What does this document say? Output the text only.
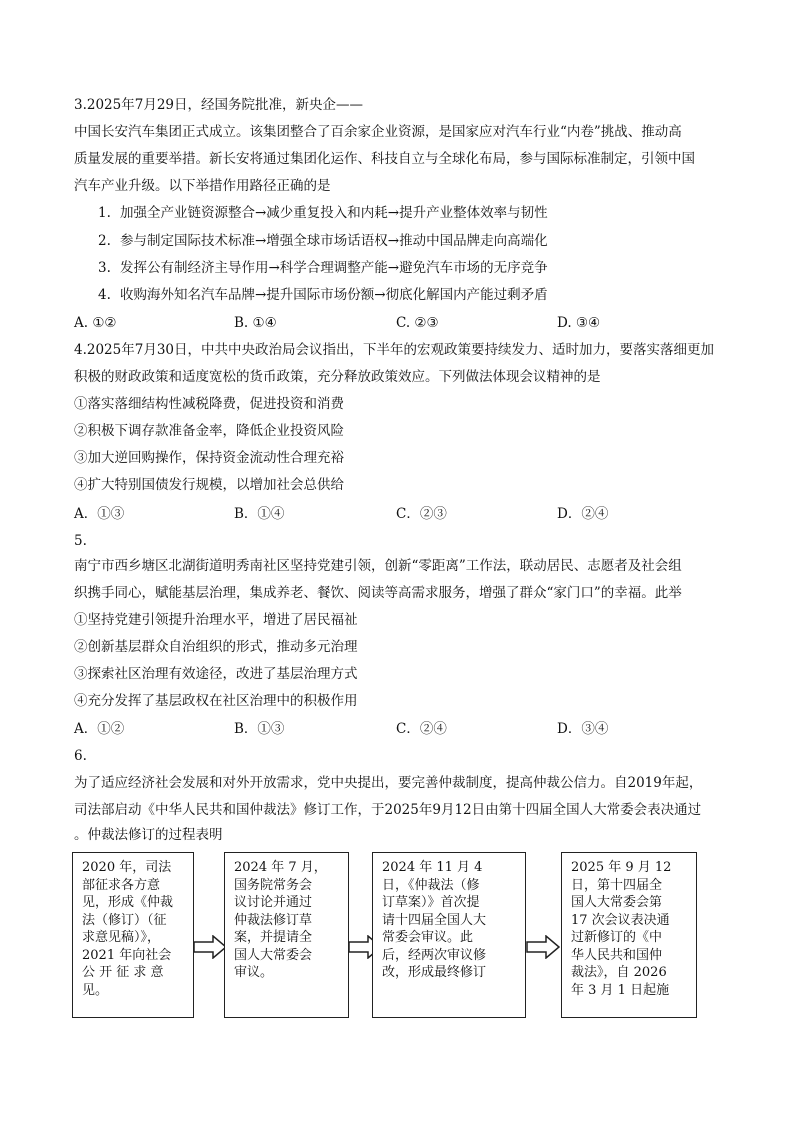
3.2025年7月29日，经国务院批准，新央企——
中国长安汽车集团正式成立。该集团整合了百余家企业资源，是国家应对汽车行业“内卷”挑战、推动高
质量发展的重要举措。新长安将通过集团化运作、科技自立与全球化布局，参与国际标准制定，引领中国
汽车产业升级。以下举措作用路径正确的是
1. 加强全产业链资源整合→减少重复投入和内耗→提升产业整体效率与韧性
2. 参与制定国际技术标准→增强全球市场话语权→推动中国品牌走向高端化
3. 发挥公有制经济主导作用→科学合理调整产能→避免汽车市场的无序竞争
4. 收购海外知名汽车品牌→提升国际市场份额→彻底化解国内产能过剩矛盾
A. ①②	B. ①④	C. ②③	D. ③④
4.2025年7月30日，中共中央政治局会议指出，下半年的宏观政策要持续发力、适时加力，要落实落细更加
积极的财政政策和适度宽松的货币政策，充分释放政策效应。下列做法体现会议精神的是
①落实落细结构性减税降费，促进投资和消费
②积极下调存款准备金率，降低企业投资风险
③加大逆回购操作，保持资金流动性合理充裕
④扩大特别国债发行规模，以增加社会总供给
A．①③	B．①④	C．②③	D．②④
5.
南宁市西乡塘区北湖街道明秀南社区坚持党建引领，创新“零距离”工作法，联动居民、志愿者及社会组
织携手同心，赋能基层治理，集成养老、餐饮、阅读等高需求服务，增强了群众“家门口”的幸福。此举
①坚持党建引领提升治理水平，增进了居民福祉
②创新基层群众自治组织的形式，推动多元治理
③探索社区治理有效途径，改进了基层治理方式
④充分发挥了基层政权在社区治理中的积极作用
A．①②	B．①③	C．②④	D．③④
6.
为了适应经济社会发展和对外开放需求，党中央提出，要完善仲裁制度，提高仲裁公信力。自2019年起，
司法部启动《中华人民共和国仲裁法》修订工作，于2025年9月12日由第十四届全国人大常委会表决通过
。仲裁法修订的过程表明
2020 年，司法
部征求各方意
见，形成《仲裁
法（修订）（征
求意见稿）》，
2021 年向社会
公 开 征 求 意
见。
2024 年 7 月，
国务院常务会
议讨论并通过
仲裁法修订草
案，并提请全
国人大常委会
审议。
2024 年 11 月 4
日，《仲裁法（修
订草案）》首次提
请十四届全国人大
常委会审议。此
后，经两次审议修
改，形成最终修订
2025 年 9 月 12
日，第十四届全
国人大常委会第
17 次会议表决通
过新修订的《中
华人民共和国仲
裁法》，自 2026
年 3 月 1 日起施
